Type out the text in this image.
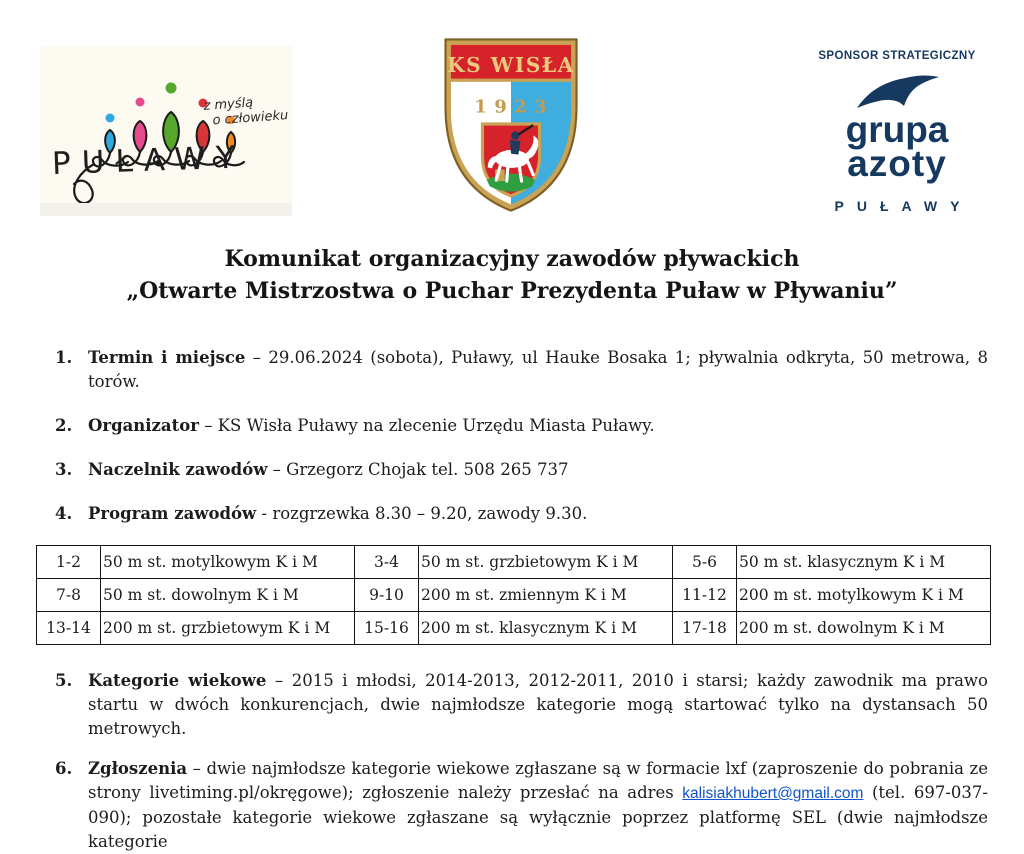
z myślą
o człowieku
PUŁAWY
KS WISŁA
1923
SPONSOR STRATEGICZNY
grupa
azoty
PUŁAWY
Komunikat organizacyjny zawodów pływackich
„Otwarte Mistrzostwa o Puchar Prezydenta Puław w Pływaniu”
1. Termin i miejsce – 29.06.2024 (sobota), Puławy, ul Hauke Bosaka 1; pływalnia odkryta, 50 metrowa, 8 torów.
2. Organizator – KS Wisła Puławy na zlecenie Urzędu Miasta Puławy.
3. Naczelnik zawodów – Grzegorz Chojak tel. 508 265 737
4. Program zawodów - rozgrzewka 8.30 – 9.20, zawody 9.30.
1-2	50 m st. motylkowym K i M	3-4	50 m st. grzbietowym K i M	5-6	50 m st. klasycznym K i M
7-8	50 m st. dowolnym K i M	9-10	200 m st. zmiennym K i M	11-12	200 m st. motylkowym K i M
13-14	200 m st. grzbietowym K i M	15-16	200 m st. klasycznym K i M	17-18	200 m st. dowolnym K i M
5. Kategorie wiekowe – 2015 i młodsi, 2014-2013, 2012-2011, 2010 i starsi; każdy zawodnik ma prawo startu w dwóch konkurencjach, dwie najmłodsze kategorie mogą startować tylko na dystansach 50 metrowych.
6. Zgłoszenia – dwie najmłodsze kategorie wiekowe zgłaszane są w formacie lxf (zaproszenie do pobrania ze strony livetiming.pl/okręgowe); zgłoszenie należy przesłać na adres kalisiakhubert@gmail.com (tel. 697-037-090); pozostałe kategorie wiekowe zgłaszane są wyłącznie poprzez platformę SEL (dwie najmłodsze kategorie
